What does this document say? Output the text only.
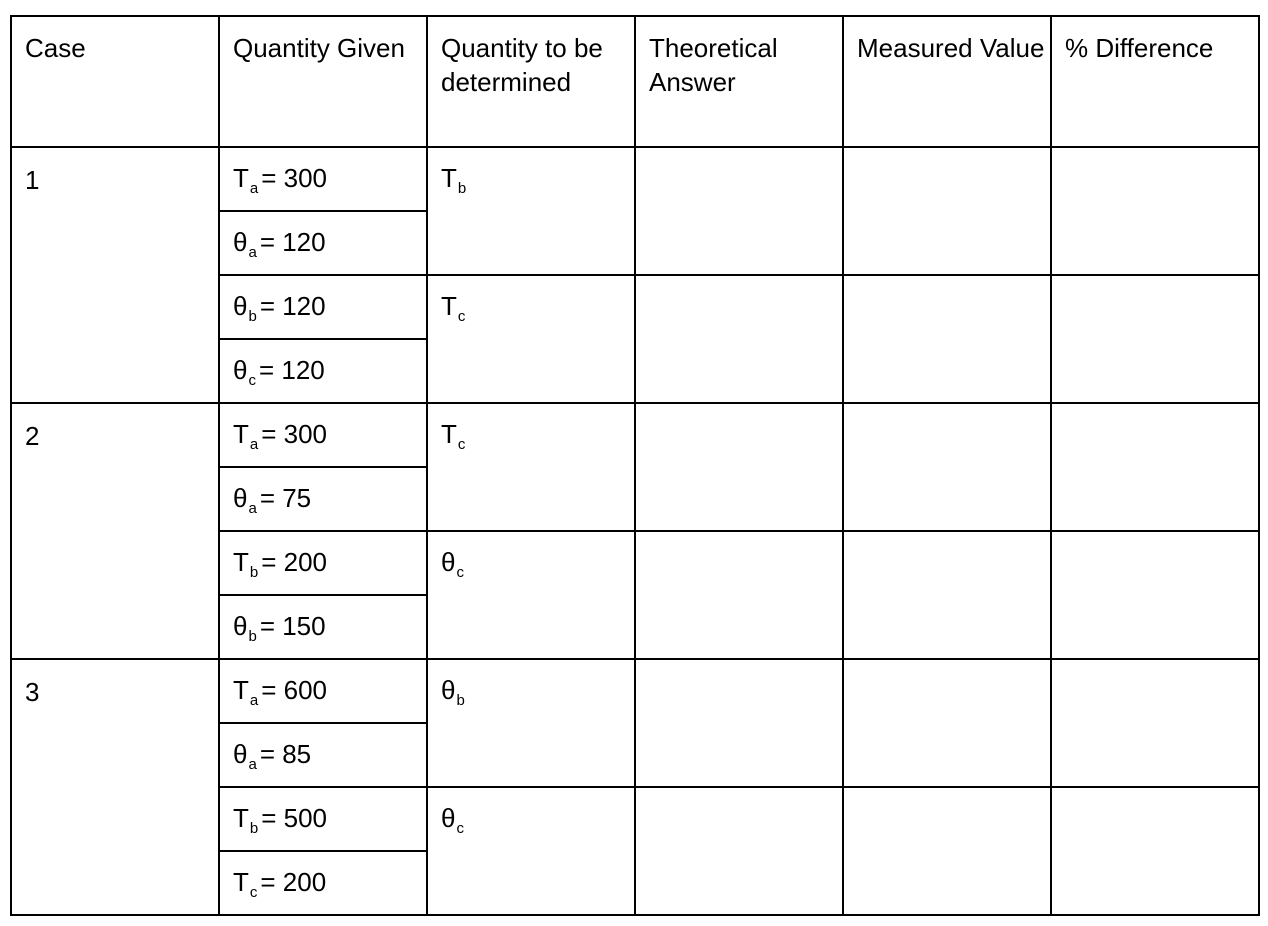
Case	Quantity Given	Quantity to be determined	Theoretical Answer	Measured Value	% Difference
1	$T_a = 300$	$T_b$			
	$\theta_a = 120$				
	$\theta_b = 120$	$T_c$			
	$\theta_c = 120$				
2	$T_a = 300$	$T_c$			
	$\theta_a = 75$				
	$T_b = 200$	$\theta_c$			
	$\theta_b = 150$				
3	$T_a = 600$	$\theta_b$			
	$\theta_a = 85$				
	$T_b = 500$	$\theta_c$			
	$T_c = 200$				
